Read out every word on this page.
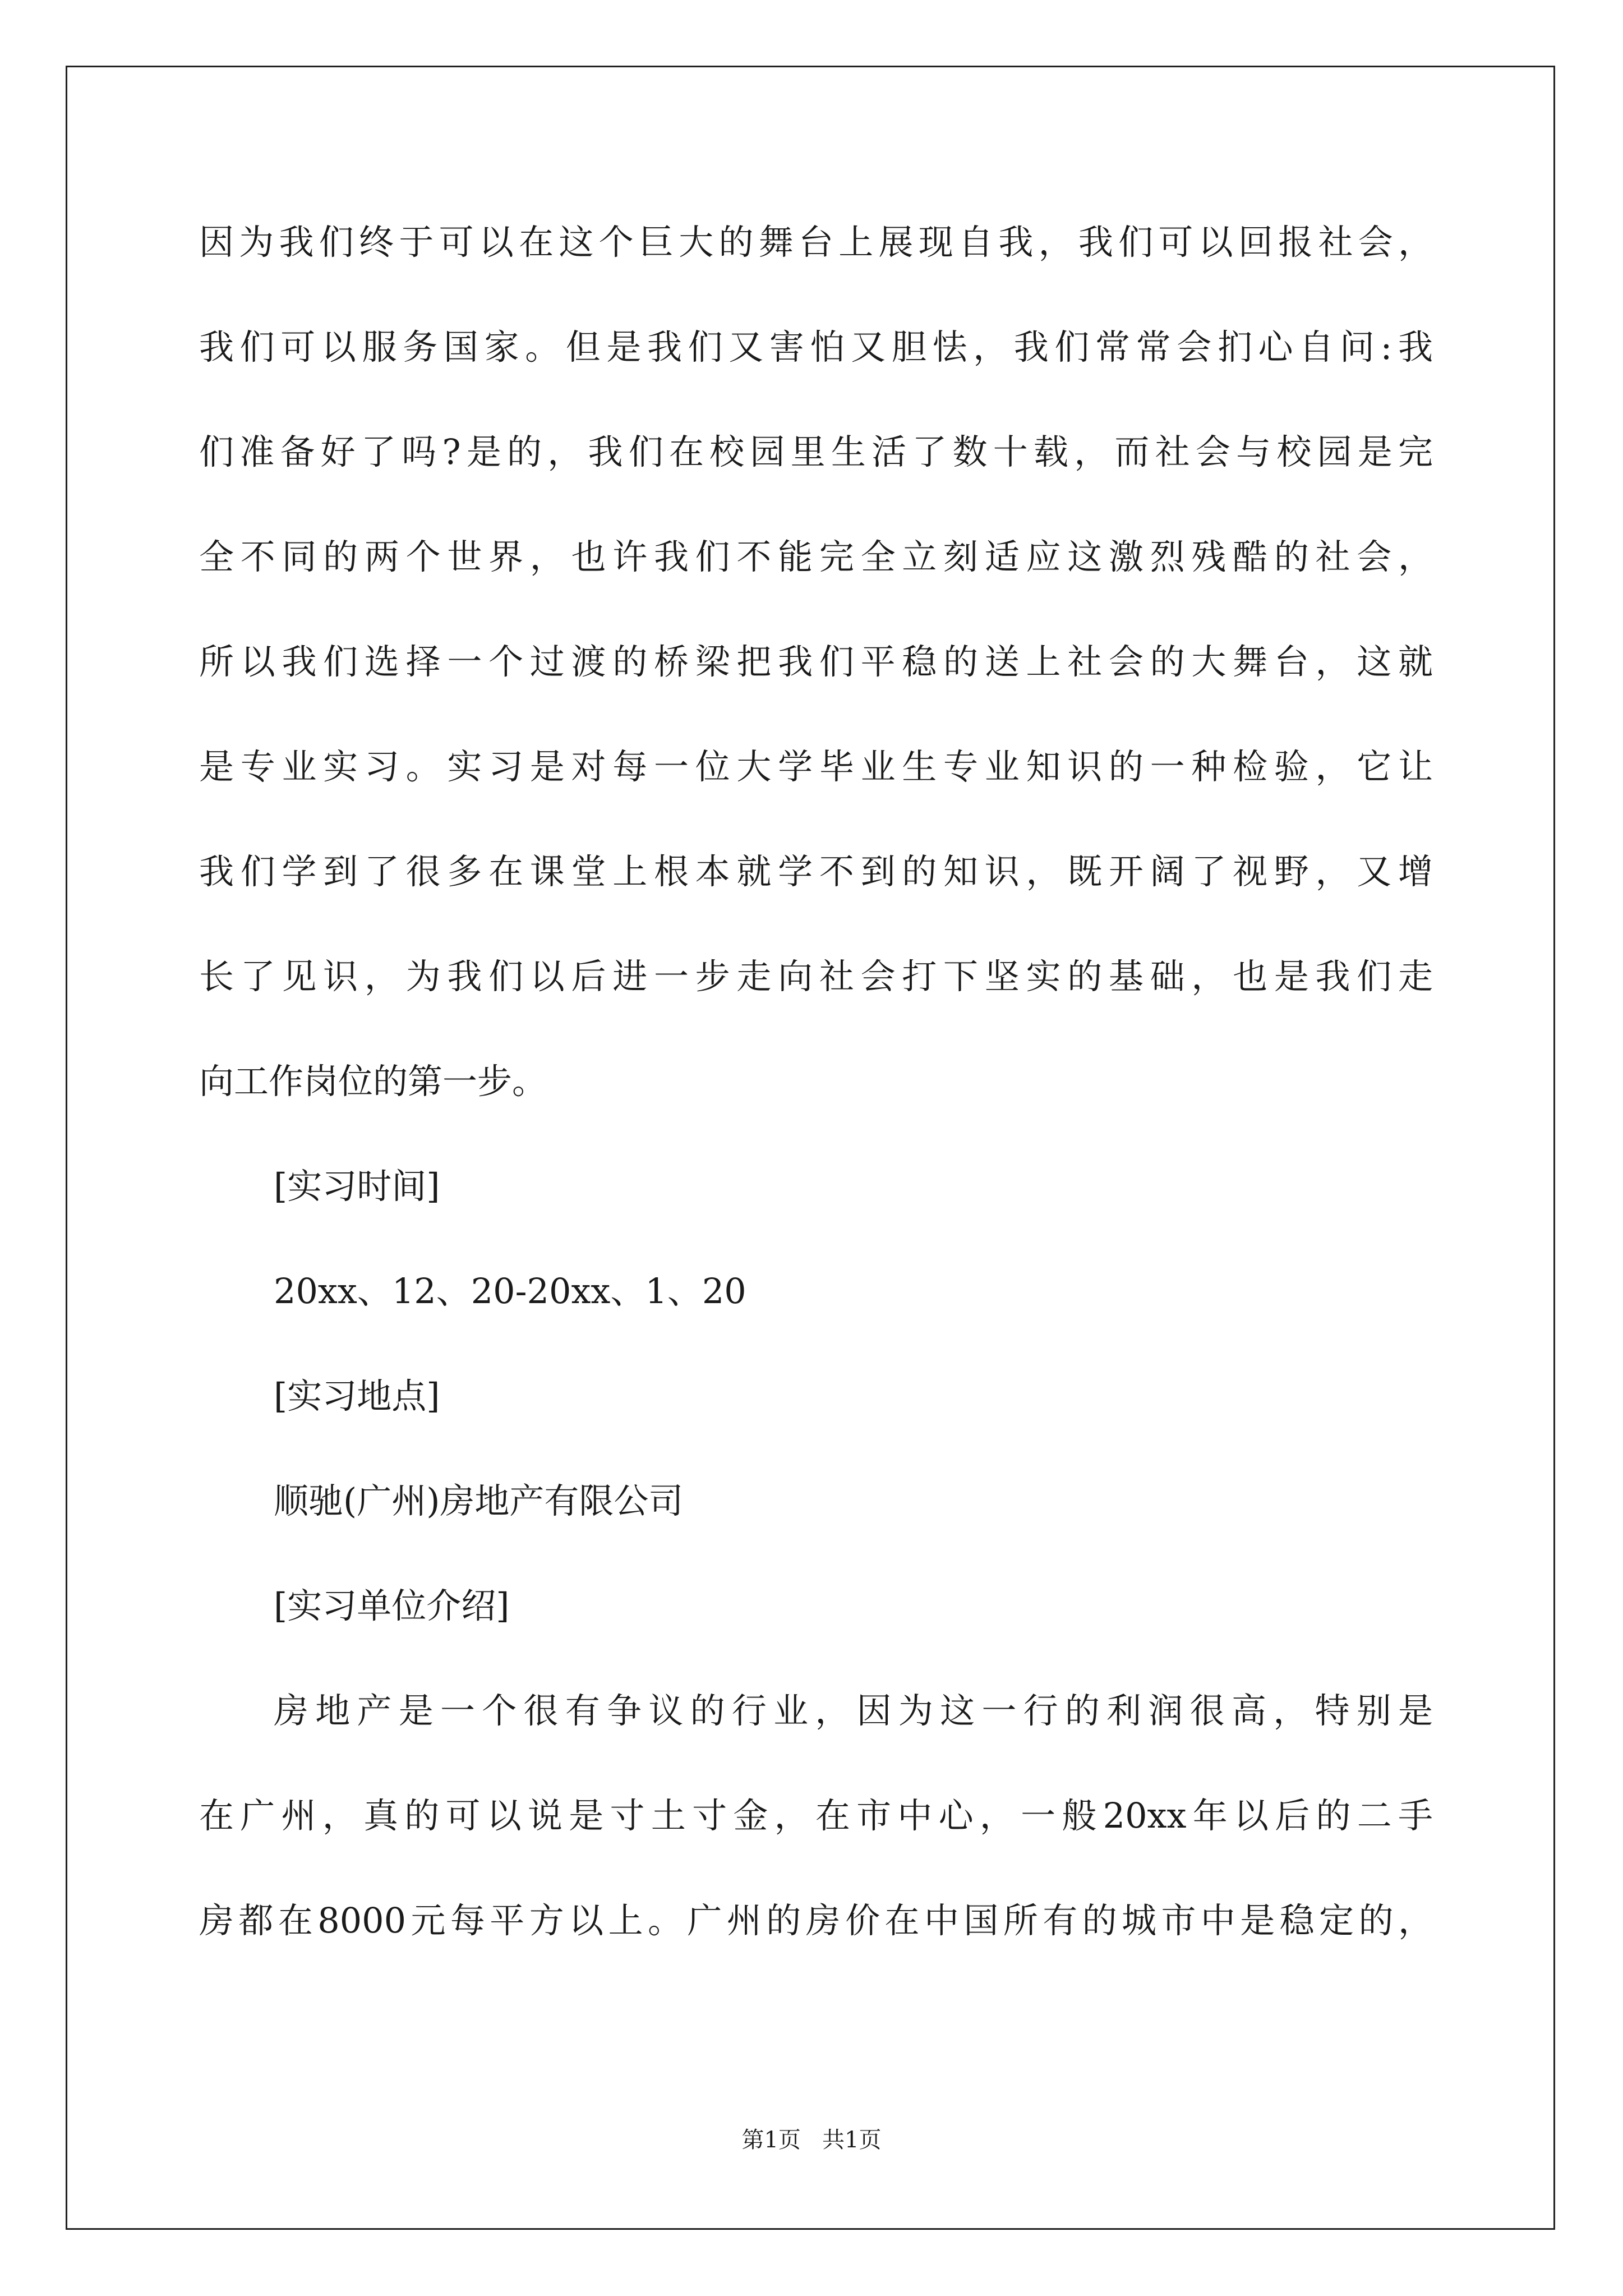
因为我们终于可以在这个巨大的舞台上展现自我，我们可以回报社会，
我们可以服务国家。但是我们又害怕又胆怯，我们常常会扪心自问:我
们准备好了吗?是的，我们在校园里生活了数十载，而社会与校园是完
全不同的两个世界，也许我们不能完全立刻适应这激烈残酷的社会，
所以我们选择一个过渡的桥梁把我们平稳的送上社会的大舞台，这就
是专业实习。实习是对每一位大学毕业生专业知识的一种检验，它让
我们学到了很多在课堂上根本就学不到的知识，既开阔了视野，又增
长了见识，为我们以后进一步走向社会打下坚实的基础，也是我们走
向工作岗位的第一步。
[实习时间]
20xx、12、20-20xx、1、20
[实习地点]
顺驰(广州)房地产有限公司
[实习单位介绍]
房地产是一个很有争议的行业，因为这一行的利润很高，特别是
在广州，真的可以说是寸土寸金，在市中心，一般20xx年以后的二手
房都在8000元每平方以上。广州的房价在中国所有的城市中是稳定的，
第1页   共1页
